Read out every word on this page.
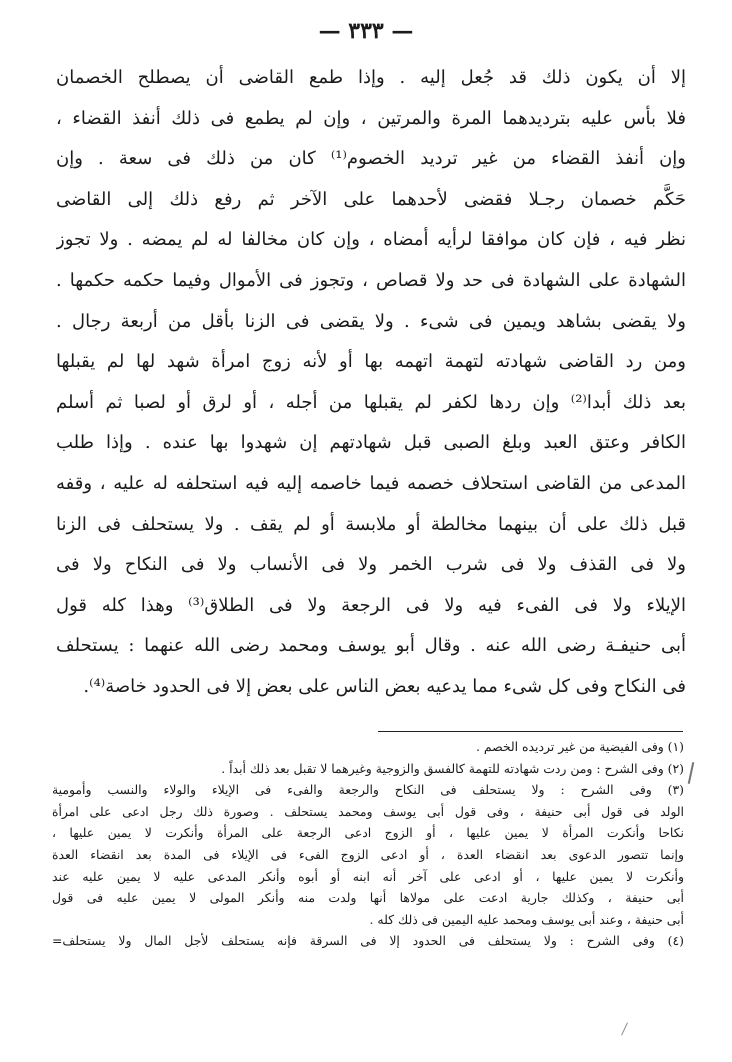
— ٣٣٣ —
إلا أن يكون ذلك قد جُعل إليه . وإذا طمع القاضى أن يصطلح الخصمان
فلا بأس عليه بترديدهما المرة والمرتين ، وإن لم يطمع فى ذلك أنفذ القضاء ،
وإن أنفذ القضاء من غير ترديد الخصوم⁽¹⁾ كان من ذلك فى سعة . وإن
حَكَّم خصمان رجـلا فقضى لأحدهما على الآخر ثم رفع ذلك إلى القاضى
نظر فيه ، فإن كان موافقا لرأيه أمضاه ، وإن كان مخالفا له لم يمضه . ولا تجوز
الشهادة على الشهادة فى حد ولا قصاص ، وتجوز فى الأموال وفيما حكمه حكمها .
ولا يقضى بشاهد ويمين فى شىء . ولا يقضى فى الزنا بأقل من أربعة رجال .
ومن رد القاضى شهادته لتهمة اتهمه بها أو لأنه زوج امرأة شهد لها لم يقبلها
بعد ذلك أبدا⁽²⁾ وإن ردها لكفر لم يقبلها من أجله ، أو لرق أو لصبا ثم أسلم
الكافر وعتق العبد وبلغ الصبى قبل شهادتهم إن شهدوا بها عنده . وإذا طلب
المدعى من القاضى استحلاف خصمه فيما خاصمه إليه فيه استحلفه له عليه ، وقفه
قبل ذلك على أن بينهما مخالطة أو ملابسة أو لم يقف . ولا يستحلف فى الزنا
ولا فى القذف ولا فى شرب الخمر ولا فى الأنساب ولا فى النكاح ولا فى
الإيلاء ولا فى الفىء فيه ولا فى الرجعة ولا فى الطلاق⁽³⁾ وهذا كله قول
أبى حنيفـة رضى الله عنه . وقال أبو يوسف ومحمد رضى الله عنهما : يستحلف
فى النكاح وفى كل شىء مما يدعيه بعض الناس على بعض إلا فى الحدود خاصة⁽⁴⁾.
(١) وفى الفيضية من غير ترديده الخصم .
(٢) وفى الشرح : ومن ردت شهادته للتهمة كالفسق والزوجية وغيرهما لا تقبل بعد ذلك أبداً .
(٣) وفى الشرح : ولا يستحلف فى النكاح والرجعة والفىء فى الإيلاء والولاء والنسب وأمومية
الولد فى قول أبى حنيفة ، وفى قول أبى يوسف ومحمد يستحلف . وصورة ذلك رجل ادعى على امرأة
نكاحا وأنكرت المرأة لا يمين عليها ، أو الزوج ادعى الرجعة على المرأة وأنكرت لا يمين عليها ،
وإنما تتصور الدعوى بعد انقضاء العدة ، أو ادعى الزوج الفىء فى الإيلاء فى المدة بعد انقضاء العدة
وأنكرت لا يمين عليها ، أو ادعى على آخر أنه ابنه أو أبوه وأنكر المدعى عليه لا يمين عليه عند
أبى حنيفة ، وكذلك جارية ادعت على مولاها أنها ولدت منه وأنكر المولى لا يمين عليه فى قول
أبى حنيفة ، وعند أبى يوسف ومحمد عليه اليمين فى ذلك كله .
(٤) وفى الشرح : ولا يستحلف فى الحدود إلا فى السرقة فإنه يستحلف لأجل المال ولا يستحلف=
